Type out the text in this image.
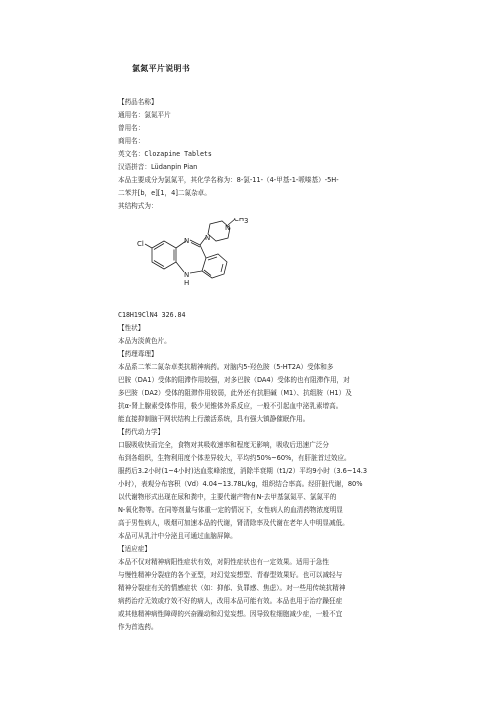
氯氮平片说明书
【药品名称】
通用名：氯氮平片
曾用名：
商用名：
英文名：Clozapine Tablets
汉语拼音：Lüdanpin Pian
本品主要成分为氯氮平，其化学名称为：8-氯-11-（4-甲基-1-哌嗪基）-5H-
二苯并[b，e][1，4]二氮杂卓。
其结构式为：
Cl	N N
N
CH 3
N
H
C18H19ClN4 326.84
【性状】
本品为淡黄色片。
【药理毒理】
本品系二苯二氮杂卓类抗精神病药。对脑内5-羟色胺（5-HT2A）受体和多
巴胺（DA1）受体的阻滞作用较强，对多巴胺（DA4）受体的也有阻滞作用，对
多巴胺（DA2）受体的阻滞作用较弱，此外还有抗胆碱（M1）、抗组胺（H1）及
抗α-肾上腺素受体作用，极少见锥体外系反应，一般不引起血中泌乳素增高。
能直接抑制脑干网状结构上行激活系统，具有强大镇静催眠作用。
【药代动力学】
口服吸收快而完全，食物对其吸收速率和程度无影响，吸收后迅速广泛分
布到各组织，生物利用度个体差异较大，平均约50%~60%，有肝脏首过效应。
服药后3.2小时(1~4小时)达血浆峰浓度，消除半衰期（t1/2）平均9小时（3.6~14.3
小时），表观分布容积（Vd）4.04~13.78L/kg，组织结合率高。经肝脏代谢，80%
以代谢物形式出现在尿和粪中，主要代谢产物有N-去甲基氯氮平、氯氮平的
N-氧化物等。在同等剂量与体重一定的情况下，女性病人的血清药物浓度明显
高于男性病人，吸烟可加速本品的代谢，肾清除率及代谢在老年人中明显减低。
本品可从乳汁中分泌且可通过血脑屏障。
【适应症】
本品不仅对精神病阳性症状有效，对阴性症状也有一定效果。适用于急性
与慢性精神分裂症的各个亚型，对幻觉妄想型、青春型效果好。也可以减轻与
精神分裂症有关的情感症状（如：抑郁、负罪感、焦虑）。对一些用传统抗精神
病药治疗无效或疗效不好的病人，改用本品可能有效。本品也用于治疗躁狂症
或其他精神病性障碍的兴奋躁动和幻觉妄想。因导致粒细胞减少症，一般不宜
作为首选药。
